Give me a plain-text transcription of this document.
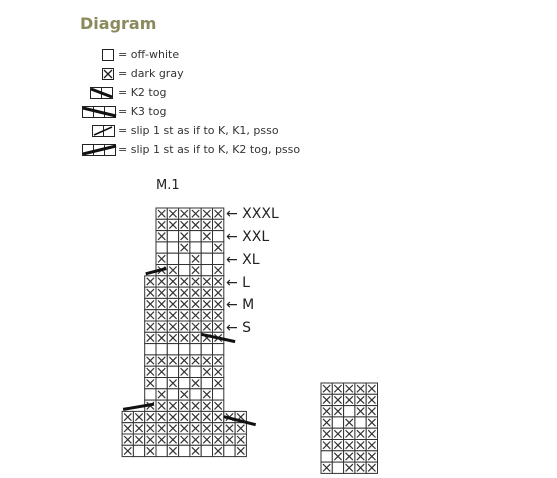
Diagram
= off-white
= dark gray
= K2 tog
= K3 tog
= slip 1 st as if to K, K1, psso
= slip 1 st as if to K, K2 tog, psso
M.1
← XXXL
← XXL
← XL
← L
← M
← S
